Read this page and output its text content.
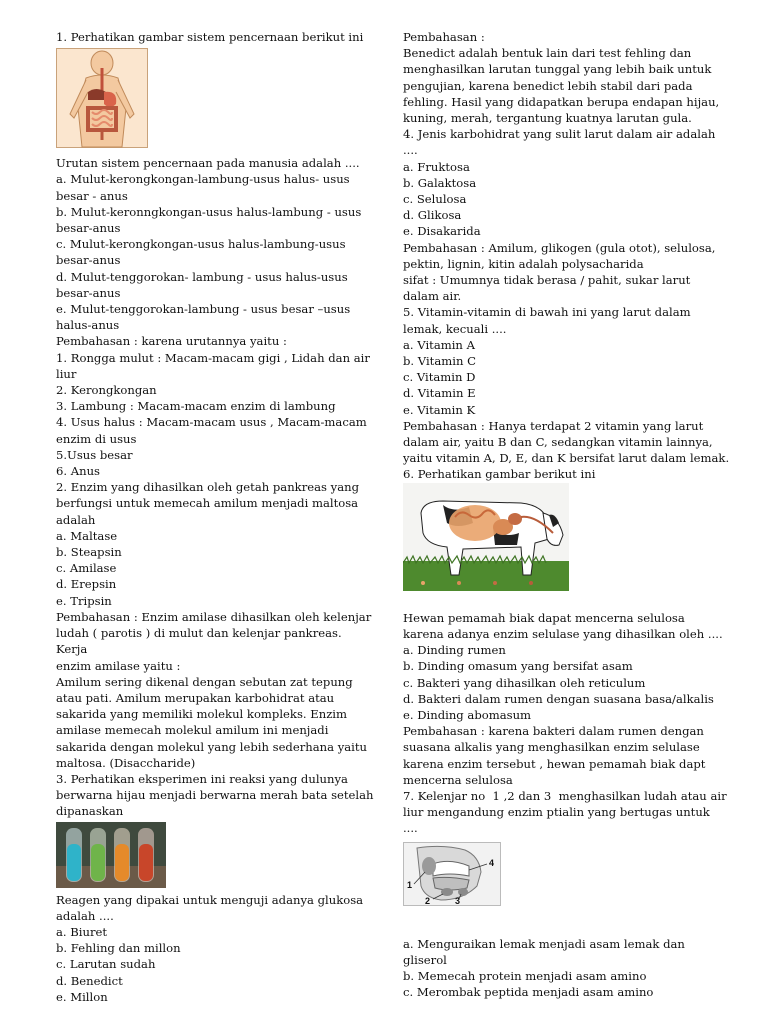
1. Perhatikan gambar sistem pencernaan berikut ini

Urutan sistem pencernaan pada manusia adalah ....

a. Mulut-kerongkongan-lambung-usus halus- usus

besar - anus

b. Mulut-keronngkongan-usus halus-lambung - usus

besar-anus

c. Mulut-kerongkongan-usus halus-lambung-usus

besar-anus

d. Mulut-tenggorokan- lambung - usus halus-usus

besar-anus

e. Mulut-tenggorokan-lambung - usus besar –usus

halus-anus

Pembahasan : karena urutannya yaitu :

1. Rongga mulut : Macam-macam gigi , Lidah dan air

liur

2. Kerongkongan

3. Lambung : Macam-macam enzim di lambung

4. Usus halus : Macam-macam usus , Macam-macam

enzim di usus

5.Usus besar

6. Anus

2. Enzim yang dihasilkan oleh getah pankreas yang

berfungsi untuk memecah amilum menjadi maltosa

adalah

a. Maltase

b. Steapsin

c. Amilase

d. Erepsin

e. Tripsin

Pembahasan : Enzim amilase dihasilkan oleh kelenjar

ludah ( parotis ) di mulut dan kelenjar pankreas. Kerja

enzim amilase yaitu :

Amilum sering dikenal dengan sebutan zat tepung

atau pati. Amilum merupakan karbohidrat atau

sakarida yang memiliki molekul kompleks. Enzim

amilase memecah molekul amilum ini menjadi

sakarida dengan molekul yang lebih sederhana yaitu

maltosa. (Disaccharide)

3. Perhatikan eksperimen ini reaksi yang dulunya

berwarna hijau menjadi berwarna merah bata setelah

dipanaskan

Reagen yang dipakai untuk menguji adanya glukosa

adalah ....

a. Biuret

b. Fehling dan millon

c. Larutan sudah

d. Benedict

e. Millon

Pembahasan :

Benedict adalah bentuk lain dari test fehling dan

menghasilkan larutan tunggal yang lebih baik untuk

pengujian, karena benedict lebih stabil dari pada

fehling. Hasil yang didapatkan berupa endapan hijau,

kuning, merah, tergantung kuatnya larutan gula.

4. Jenis karbohidrat yang sulit larut dalam air adalah

....

a. Fruktosa

b. Galaktosa

c. Selulosa

d. Glikosa

e. Disakarida

Pembahasan : Amilum, glikogen (gula otot), selulosa,

pektin, lignin, kitin adalah polysacharida

sifat : Umumnya tidak berasa / pahit, sukar larut

dalam air.

5. Vitamin-vitamin di bawah ini yang larut dalam

lemak, kecuali ....

a. Vitamin A

b. Vitamin C

c. Vitamin D

d. Vitamin E

e. Vitamin K

Pembahasan : Hanya terdapat 2 vitamin yang larut

dalam air, yaitu B dan C, sedangkan vitamin lainnya,

yaitu vitamin A, D, E, dan K bersifat larut dalam lemak.

6. Perhatikan gambar berikut ini

Hewan pemamah biak dapat mencerna selulosa

karena adanya enzim selulase yang dihasilkan oleh ....

a. Dinding rumen

b. Dinding omasum yang bersifat asam

c. Bakteri yang dihasilkan oleh reticulum

d. Bakteri dalam rumen dengan suasana basa/alkalis

e. Dinding abomasum

Pembahasan : karena bakteri dalam rumen dengan

suasana alkalis yang menghasilkan enzim selulase

karena enzim tersebut , hewan pemamah biak dapt

mencerna selulosa

7. Kelenjar no  1 ,2 dan 3  menghasilkan ludah atau air

liur mengandung enzim ptialin yang bertugas untuk

....

1
2	3
4

a. Menguraikan lemak menjadi asam lemak dan

gliserol

b. Memecah protein menjadi asam amino

c. Merombak peptida menjadi asam amino
